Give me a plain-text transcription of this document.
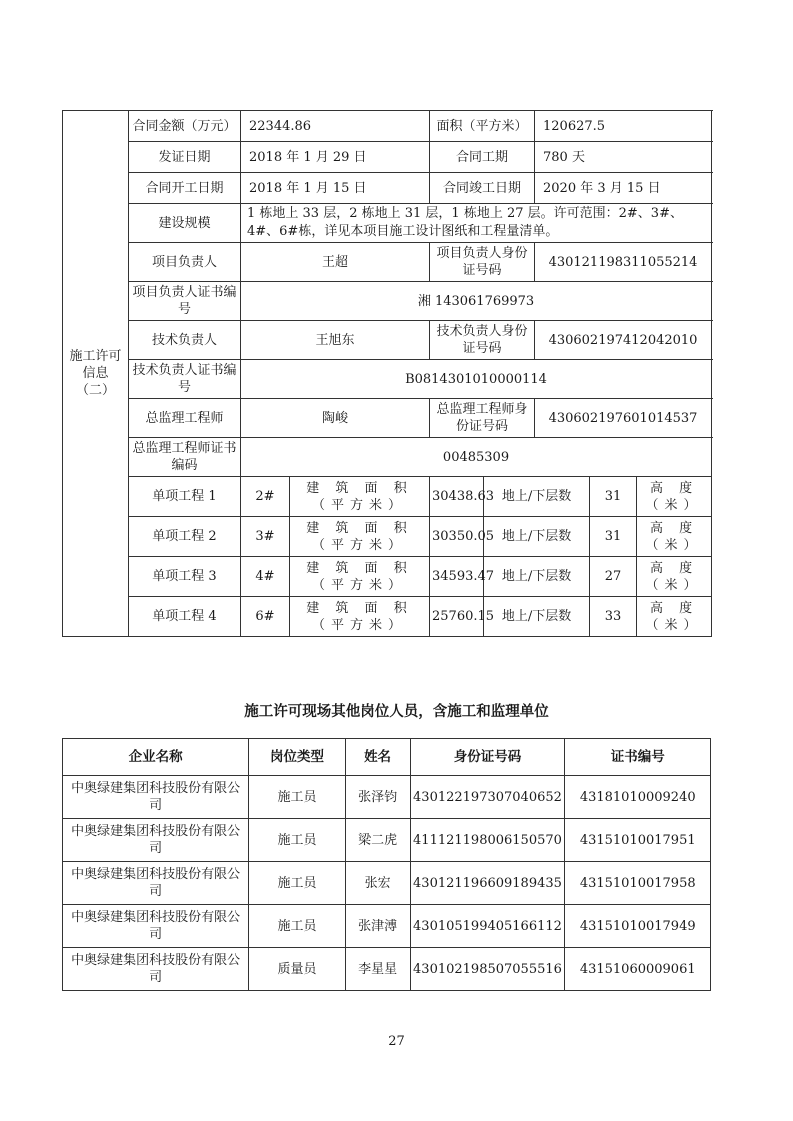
施工许可
信息
（二）	合同金额（万元）	22344.86		面积（平方米）		120627.5			
	发证日期	2018 年 1 月 29 日		合同工期		780 天			
	合同开工日期	2018 年 1 月 15 日		合同竣工日期		2020 年 3 月 15 日			
	建设规模	1 栋地上 33 层，2 栋地上 31 层，1 栋地上 27 层。许可范围：2#、3#、4#、6#栋，详见本项目施工设计图纸和工程量清单。							
	项目负责人	王超		项目负责人身份证号码		430121198311055214			
	项目负责人证书编号	湘 143061769973							
	技术负责人	王旭东		技术负责人身份证号码		430602197412042010			
	技术负责人证书编号	B0814301010000114							
	总监理工程师	陶峻		总监理工程师身份证号码		430602197601014537			
	总监理工程师证书编码	00485309							
	单项工程 1	2#	建 筑 面 积（平方米）	30438.63	地上/下层数		31	高 度（米）	
	单项工程 2	3#	建 筑 面 积（平方米）	30350.05	地上/下层数		31	高 度（米）	
	单项工程 3	4#	建 筑 面 积（平方米）	34593.47	地上/下层数		27	高 度（米）	
	单项工程 4	6#	建 筑 面 积（平方米）	25760.15	地上/下层数		33	高 度（米）	
施工许可现场其他岗位人员，含施工和监理单位
企业名称	岗位类型	姓名	身份证号码	证书编号
中奥绿建集团科技股份有限公司	施工员	张泽钧	430122197307040652	43181010009240
中奥绿建集团科技股份有限公司	施工员	梁二虎	411121198006150570	43151010017951
中奥绿建集团科技股份有限公司	施工员	张宏	430121196609189435	43151010017958
中奥绿建集团科技股份有限公司	施工员	张津溥	430105199405166112	43151010017949
中奥绿建集团科技股份有限公司	质量员	李星星	430102198507055516	43151060009061
27
